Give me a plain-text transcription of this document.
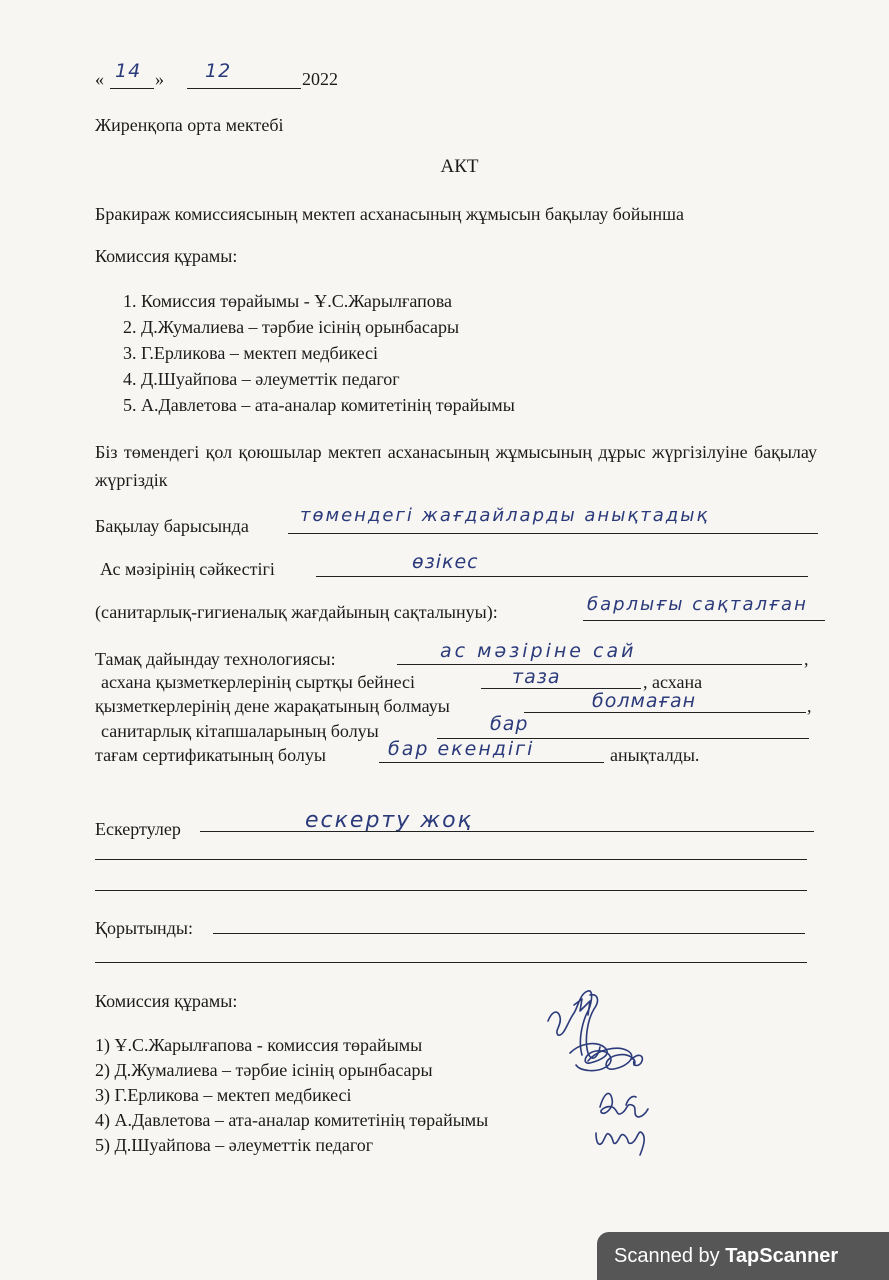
« 14 » 12	2022
Жиренқопа орта мектебі
АКТ
Бракираж комиссиясының мектеп асханасының жұмысын бақылау бойынша
Комиссия құрамы:
1. Комиссия төрайымы - Ұ.С.Жарылғапова
2. Д.Жумалиева – тәрбие ісінің орынбасары
3. Г.Ерликова – мектеп медбикесі
4. Д.Шуайпова – әлеуметтік педагог
5. А.Давлетова – ата-аналар комитетінің төрайымы
Біз төмендегі қол қоюшылар мектеп асханасының жұмысының дұрыс жүргізілуіне бақылау жүргіздік
Бақылау барысында	төмендегі жағдайларды анықтадық
Ас мәзірінің сәйкестігі	өзікес
(санитарлық-гигиеналық жағдайының сақталынуы):	барлығы сақталған
Тамақ дайындау технологиясы:	ас мәзіріне сай	,
асхана қызметкерлерінің сыртқы бейнесі	таза	, асхана
қызметкерлерінің дене жарақатының болмауы	болмаған	,
санитарлық кітапшаларының болуы	бар
тағам сертификатының болуы	бар екендігі	анықталды.
Ескертулер	ескерту жоқ
Қорытынды:
Комиссия құрамы:
1) Ұ.С.Жарылғапова - комиссия төрайымы
2) Д.Жумалиева – тәрбие ісінің орынбасары
3) Г.Ерликова – мектеп медбикесі
4) А.Давлетова – ата-аналар комитетінің төрайымы
5) Д.Шуайпова – әлеуметтік педагог
Scanned by TapScanner
